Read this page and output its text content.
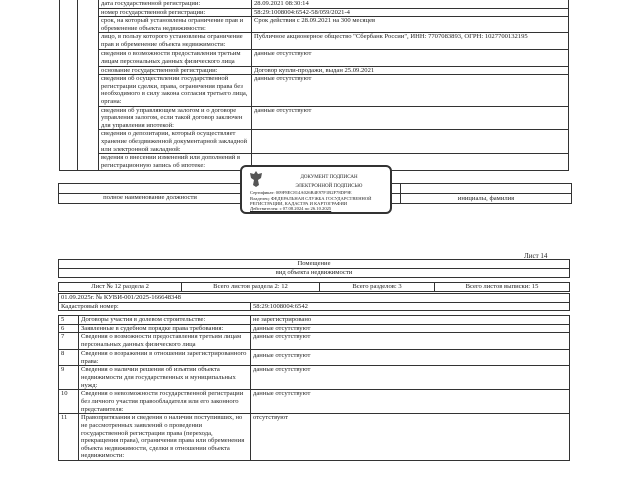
		дата государственной регистрации:	28.09.2021 08:30:14
		номер государственной регистрации:	58:29:1008004:6542-58/059/2021-4
		срок, на который установлены ограничение прав и обременение объекта недвижимости:	Срок действия с 28.09.2021 на 300 месяцев
		лицо, в пользу которого установлены ограничение прав и обременение объекта недвижимости:	Публичное акционерное общество "Сбербанк России", ИНН: 7707083893, ОГРН: 1027700132195
		сведения о возможности предоставления третьим лицам персональных данных физического лица	данные отсутствуют
		основание государственной регистрации:	Договор купли-продажи, выдан 25.09.2021
		сведения об осуществлении государственной регистрации сделки, права, ограничения права без необходимого в силу закона согласия третьего лица, органа:	данные отсутствуют
		сведения об управляющем залогом и о договоре управления залогом, если такой договор заключен для управления ипотекой:	данные отсутствуют
		сведения о депозитарии, который осуществляет хранение обездвиженной документарной закладной или электронной закладной:	
		ведения о внесении изменений или дополнений в регистрационную запись об ипотеке:	
полное наименование должности	инициалы, фамилия
ДОКУМЕНТ ПОДПИСАН
ЭЛЕКТРОННОЙ ПОДПИСЬЮ
Сертификат: 009F8EC814A026B4E97F1B2F78DF9E
Владелец: ФЕДЕРАЛЬНАЯ СЛУЖБА ГОСУДАРСТВЕННОЙ
РЕГИСТРАЦИИ, КАДАСТРА И КАРТОГРАФИИ
Действителен: с 07.08.2024 по 26.10.2025
Лист 14
Помещение
вид объекта недвижимости
Лист № 12 раздела 2	Всего листов раздела 2: 12	Всего разделов: 3	Всего листов выписки: 15
01.09.2025г. № КУВИ-001/2025-166648348
Кадастровый номер:	58:29:1008004:6542
5	Договоры участия в долевом строительстве:	не зарегистрировано
6	Заявленные в судебном порядке права требования:	данные отсутствуют
7	Сведения о возможности предоставления третьим лицам персональных данных физического лица	данные отсутствуют
8	Сведения о возражении в отношении зарегистрированного права:	данные отсутствуют
9	Сведения о наличии решения об изъятии объекта недвижимости для государственных и муниципальных нужд:	данные отсутствуют
10	Сведения о невозможности государственной регистрации без личного участия правообладателя или его законного представителя:	данные отсутствуют
11	Правопритязания и сведения о наличии поступивших, но не рассмотренных заявлений о проведении государственной регистрации права (перехода, прекращения права), ограничения права или обременения объекта недвижимости, сделки в отношении объекта недвижимости:	отсутствуют
